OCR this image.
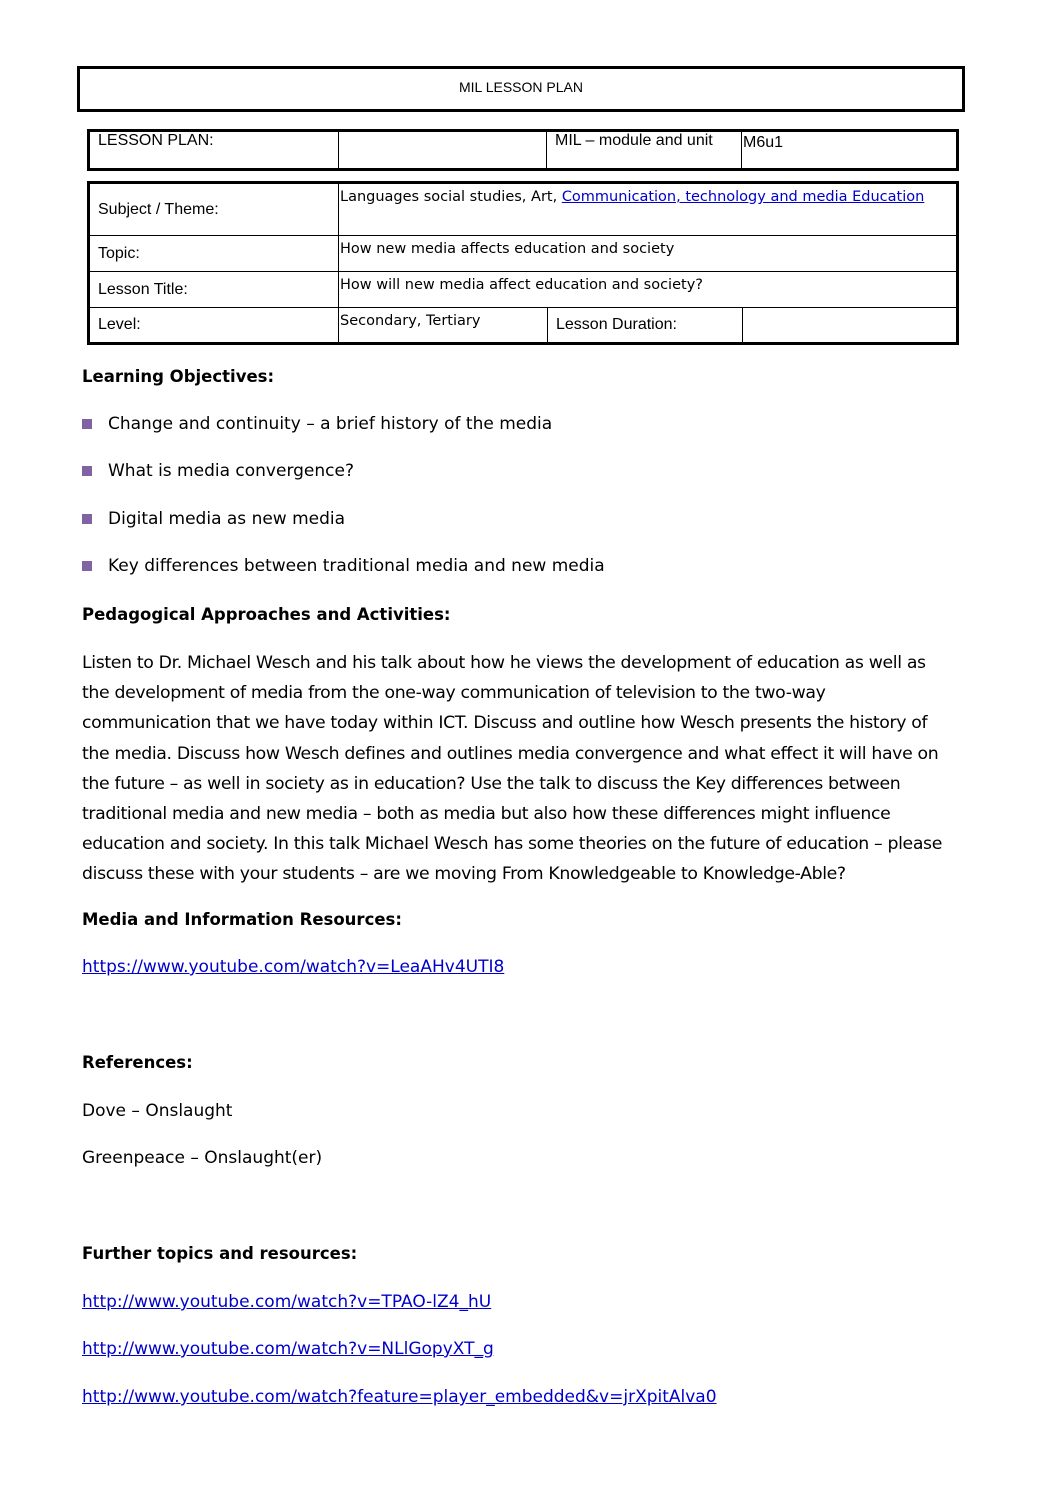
MIL LESSON PLAN
LESSON PLAN:		MIL – module and unit	M6u1
Subject / Theme:	Languages social studies, Art, Communication, technology and media Education		
Topic:	How new media affects education and society		
Lesson Title:	How will new media affect education and society?		
Level:	Secondary, Tertiary	Lesson Duration:	
Learning Objectives:
Change and continuity – a brief history of the media
What is media convergence?
Digital media as new media
Key differences between traditional media and new media
Pedagogical Approaches and Activities:
Listen to Dr. Michael Wesch and his talk about how he views the development of education as well as
the development of media from the one-way communication of television to the two-way
communication that we have today within ICT. Discuss and outline how Wesch presents the history of
the media. Discuss how Wesch defines and outlines media convergence and what effect it will have on
the future – as well in society as in education? Use the talk to discuss the Key differences between
traditional media and new media – both as media but also how these differences might influence
education and society. In this talk Michael Wesch has some theories on the future of education – please
discuss these with your students – are we moving From Knowledgeable to Knowledge-Able?
Media and Information Resources:
https://www.youtube.com/watch?v=LeaAHv4UTI8
References:
Dove – Onslaught
Greenpeace – Onslaught(er)
Further topics and resources:
http://www.youtube.com/watch?v=TPAO-lZ4_hU
http://www.youtube.com/watch?v=NLlGopyXT_g
http://www.youtube.com/watch?feature=player_embedded&v=jrXpitAlva0
